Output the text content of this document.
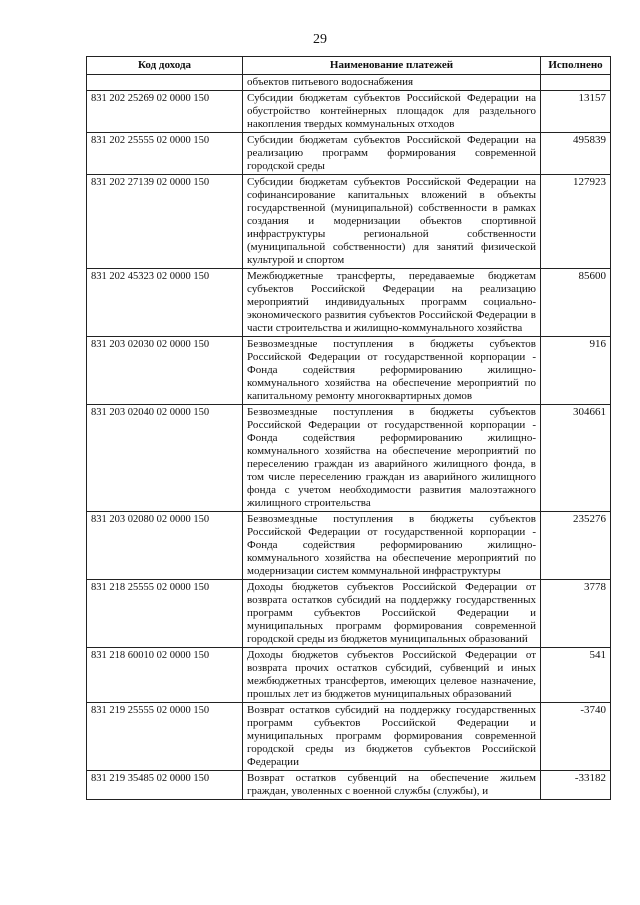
29
Код дохода	Наименование платежей	Исполнено
	объектов питьевого водоснабжения	
831 202 25269 02 0000 150	Субсидии бюджетам субъектов Российской Федерации на обустройство контейнерных площадок для раздельного накопления твердых коммунальных отходов	13157
831 202 25555 02 0000 150	Субсидии бюджетам субъектов Российской Федерации на реализацию программ формирования современной городской среды	495839
831 202 27139 02 0000 150	Субсидии бюджетам субъектов Российской Федерации на софинансирование капитальных вложений в объекты государственной (муниципальной) собственности в рамках создания и модернизации объектов спортивной инфраструктуры региональной собственности (муниципальной собственности) для занятий физической культурой и спортом	127923
831 202 45323 02 0000 150	Межбюджетные трансферты, передаваемые бюджетам субъектов Российской Федерации на реализацию мероприятий индивидуальных программ социально-экономического развития субъектов Российской Федерации в части строительства и жилищно-коммунального хозяйства	85600
831 203 02030 02 0000 150	Безвозмездные поступления в бюджеты субъектов Российской Федерации от государственной корпорации - Фонда содействия реформированию жилищно-коммунального хозяйства на обеспечение мероприятий по капитальному ремонту многоквартирных домов	916
831 203 02040 02 0000 150	Безвозмездные поступления в бюджеты субъектов Российской Федерации от государственной корпорации - Фонда содействия реформированию жилищно-коммунального хозяйства на обеспечение мероприятий по переселению граждан из аварийного жилищного фонда, в том числе переселению граждан из аварийного жилищного фонда с учетом необходимости развития малоэтажного жилищного строительства	304661
831 203 02080 02 0000 150	Безвозмездные поступления в бюджеты субъектов Российской Федерации от государственной корпорации - Фонда содействия реформированию жилищно-коммунального хозяйства на обеспечение мероприятий по модернизации систем коммунальной инфраструктуры	235276
831 218 25555 02 0000 150	Доходы бюджетов субъектов Российской Федерации от возврата остатков субсидий на поддержку государственных программ субъектов Российской Федерации и муниципальных программ формирования современной городской среды из бюджетов муниципальных образований	3778
831 218 60010 02 0000 150	Доходы бюджетов субъектов Российской Федерации от возврата прочих остатков субсидий, субвенций и иных межбюджетных трансфертов, имеющих целевое назначение, прошлых лет из бюджетов муниципальных образований	541
831 219 25555 02 0000 150	Возврат остатков субсидий на поддержку государственных программ субъектов Российской Федерации и муниципальных программ формирования современной городской среды из бюджетов субъектов Российской Федерации	-3740
831 219 35485 02 0000 150	Возврат остатков субвенций на обеспечение жильем граждан, уволенных с военной службы (службы), и	-33182
